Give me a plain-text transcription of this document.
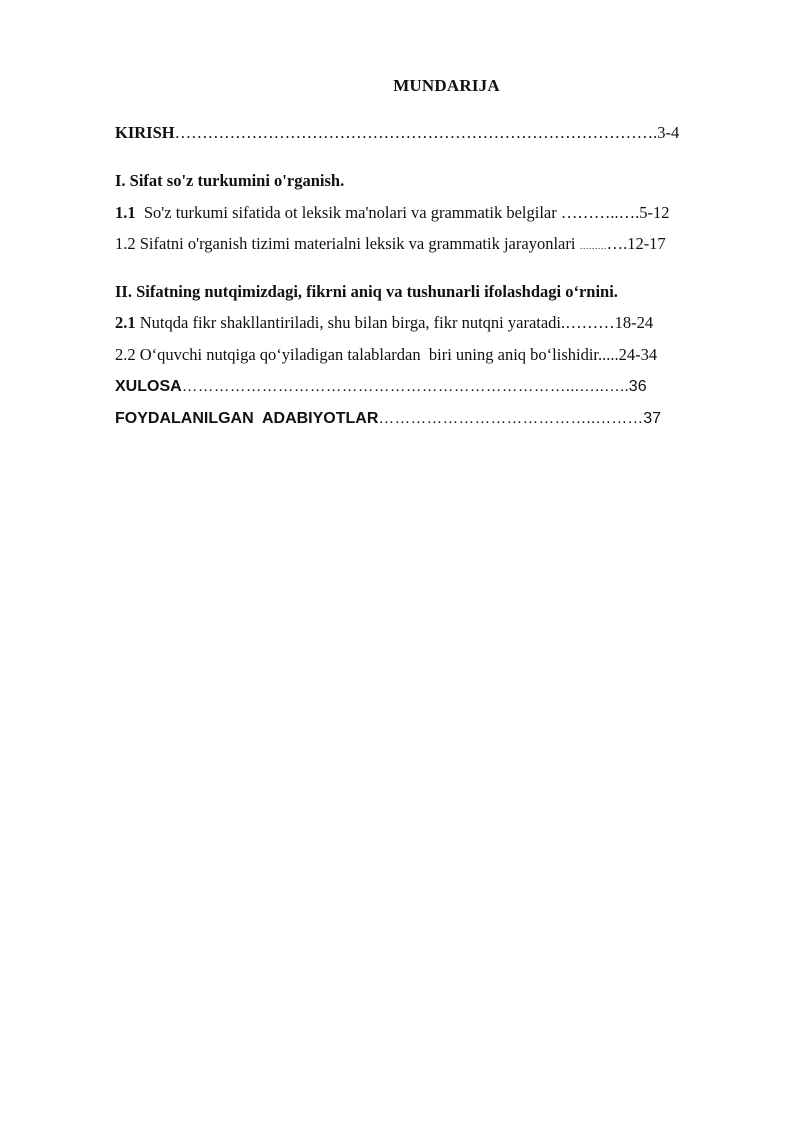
MUNDARIJA
KIRISH…………………………………………………………………………….3-4
I. Sifat so'z turkumini o'rganish.
1.1  So'z turkumi sifatida ot leksik ma'nolari va grammatik belgilar ………..….5-12
1.2 Sifatni o'rganish tizimi materialni leksik va grammatik jarayonlari ………….12-17
II. Sifatning nutqimizdagi, fikrni aniq va tushunarli ifolashdagi o‘rnini.
2.1 Nutqda fikr shakllantiriladi, shu bilan birga, fikr nutqni yaratadi.………18-24
2.2 O‘quvchi nutqiga qo‘yiladigan talablardan  biri uning aniq bo‘lishidir.....24-34
XULOSA………………………………………………………………...…..…..36
FOYDALANILGAN  ADABIYOTLAR…………………………………..………37
